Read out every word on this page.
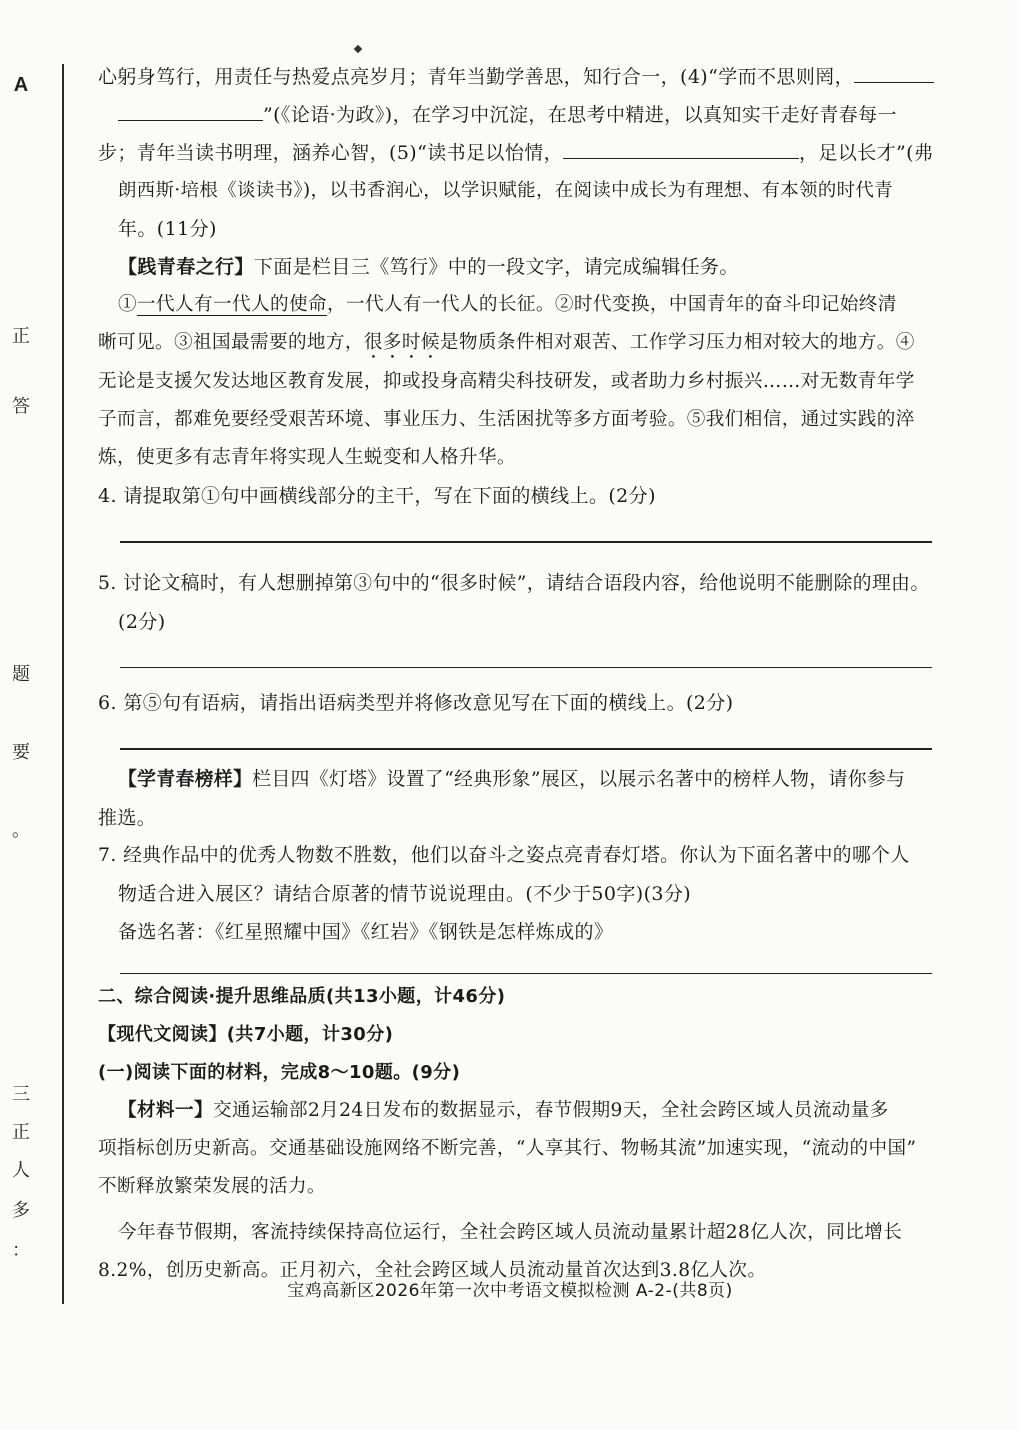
A
正
答
题
要
。
三
正
人
多
：
心躬身笃行，用责任与热爱点亮岁月；青年当勤学善思，知行合一，(4)“学而不思则罔，
”(《论语·为政》)，在学习中沉淀，在思考中精进，以真知实干走好青春每一
步；青年当读书明理，涵养心智，(5)“读书足以怡情，	，足以长才”(弗
朗西斯·培根《谈读书》)，以书香润心，以学识赋能，在阅读中成长为有理想、有本领的时代青
年。(11分)
【践青春之行】下面是栏目三《笃行》中的一段文字，请完成编辑任务。
①一代人有一代人的使命，一代人有一代人的长征。②时代变换，中国青年的奋斗印记始终清
晰可见。③祖国最需要的地方，很多时候是物质条件相对艰苦、工作学习压力相对较大的地方。④
无论是支援欠发达地区教育发展，抑或投身高精尖科技研发，或者助力乡村振兴……对无数青年学
子而言，都难免要经受艰苦环境、事业压力、生活困扰等多方面考验。⑤我们相信，通过实践的淬
炼，使更多有志青年将实现人生蜕变和人格升华。
4. 请提取第①句中画横线部分的主干，写在下面的横线上。(2分)
5. 讨论文稿时，有人想删掉第③句中的“很多时候”，请结合语段内容，给他说明不能删除的理由。
(2分)
6. 第⑤句有语病，请指出语病类型并将修改意见写在下面的横线上。(2分)
【学青春榜样】栏目四《灯塔》设置了“经典形象”展区，以展示名著中的榜样人物，请你参与
推选。
7. 经典作品中的优秀人物数不胜数，他们以奋斗之姿点亮青春灯塔。你认为下面名著中的哪个人
物适合进入展区？请结合原著的情节说说理由。(不少于50字)(3分)
备选名著：《红星照耀中国》《红岩》《钢铁是怎样炼成的》
二、综合阅读·提升思维品质(共13小题，计46分)
【现代文阅读】(共7小题，计30分)
(一)阅读下面的材料，完成8～10题。(9分)
【材料一】交通运输部2月24日发布的数据显示，春节假期9天，全社会跨区域人员流动量多
项指标创历史新高。交通基础设施网络不断完善，“人享其行、物畅其流”加速实现，“流动的中国”
不断释放繁荣发展的活力。
今年春节假期，客流持续保持高位运行，全社会跨区域人员流动量累计超28亿人次，同比增长
8.2%，创历史新高。正月初六，全社会跨区域人员流动量首次达到3.8亿人次。
宝鸡高新区2026年第一次中考语文模拟检测 A-2-(共8页)
